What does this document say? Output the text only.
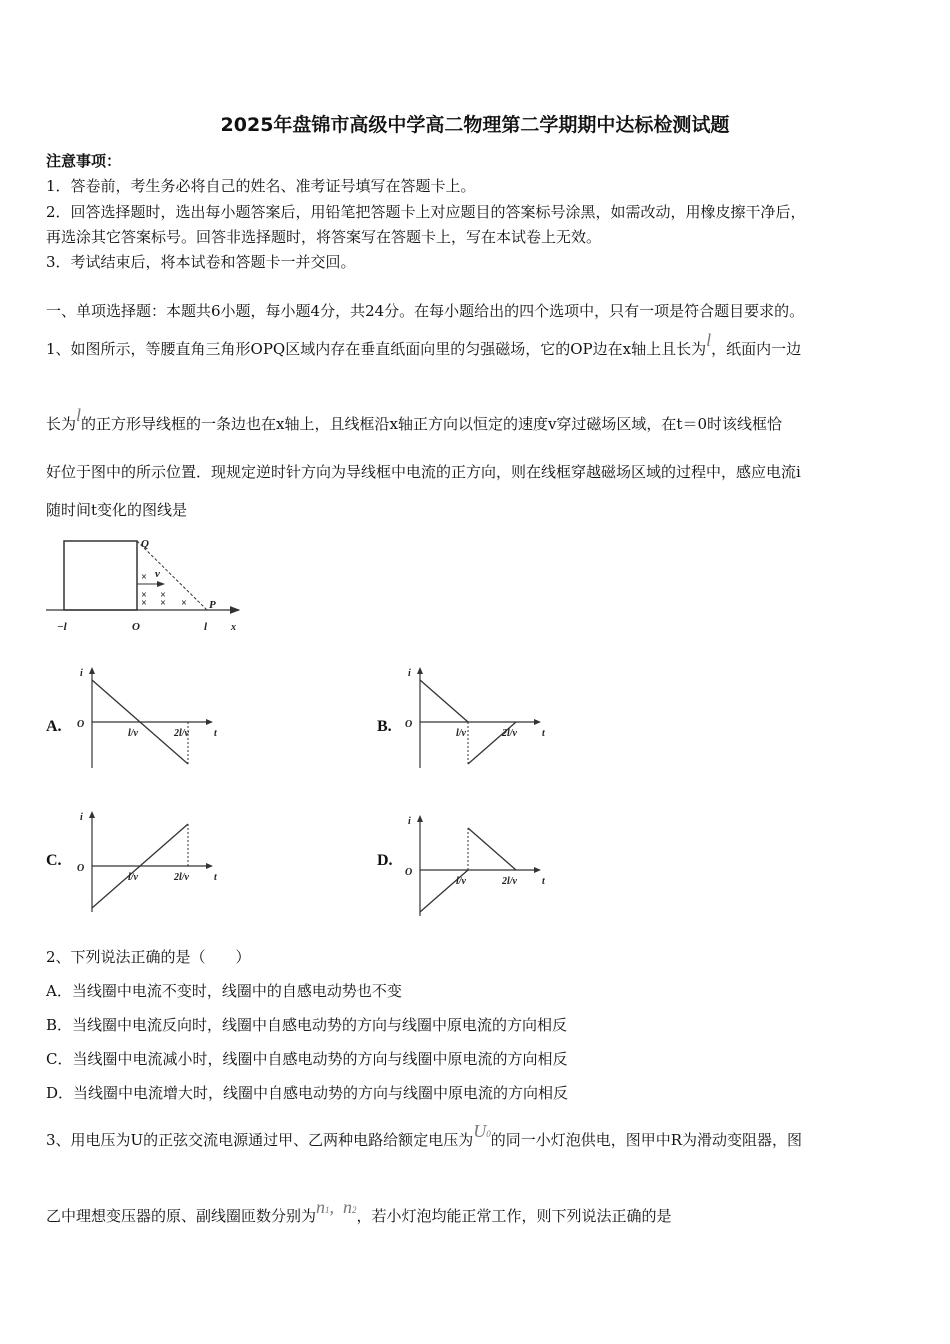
2025年盘锦市高级中学高二物理第二学期期中达标检测试题
注意事项：
1．答卷前，考生务必将自己的姓名、准考证号填写在答题卡上。
2．回答选择题时，选出每小题答案后，用铅笔把答题卡上对应题目的答案标号涂黑，如需改动，用橡皮擦干净后，
再选涂其它答案标号。回答非选择题时，将答案写在答题卡上，写在本试卷上无效。
3．考试结束后，将本试卷和答题卡一并交回。
一、单项选择题：本题共6小题，每小题4分，共24分。在每小题给出的四个选项中，只有一项是符合题目要求的。
1、如图所示，等腰直角三角形OPQ区域内存在垂直纸面向里的匀强磁场，它的OP边在x轴上且长为l，纸面内一边
长为l的正方形导线框的一条边也在x轴上，且线框沿x轴正方向以恒定的速度v穿过磁场区域，在t＝0时该线框恰
好位于图中的所示位置．现规定逆时针方向为导线框中电流的正方向，则在线框穿越磁场区域的过程中，感应电流i
随时间t变化的图线是
×
× ×
× × ×
Q
v
P
−l	O	l x
A.	B.
C.	D.
i
O
l/v	2l/v	t
i
O
l/v	2l/v	t
i
O
l/v	2l/v	t
i
O
l/v	2l/v	t
2、下列说法正确的是（　　）
A．当线圈中电流不变时，线圈中的自感电动势也不变
B．当线圈中电流反向时，线圈中自感电动势的方向与线圈中原电流的方向相反
C．当线圈中电流减小时，线圈中自感电动势的方向与线圈中原电流的方向相反
D．当线圈中电流增大时，线圈中自感电动势的方向与线圈中原电流的方向相反
3、用电压为U的正弦交流电源通过甲、乙两种电路给额定电压为U0的同一小灯泡供电，图甲中R为滑动变阻器，图
乙中理想变压器的原、副线圈匝数分别为n1,  n2，若小灯泡均能正常工作，则下列说法正确的是
